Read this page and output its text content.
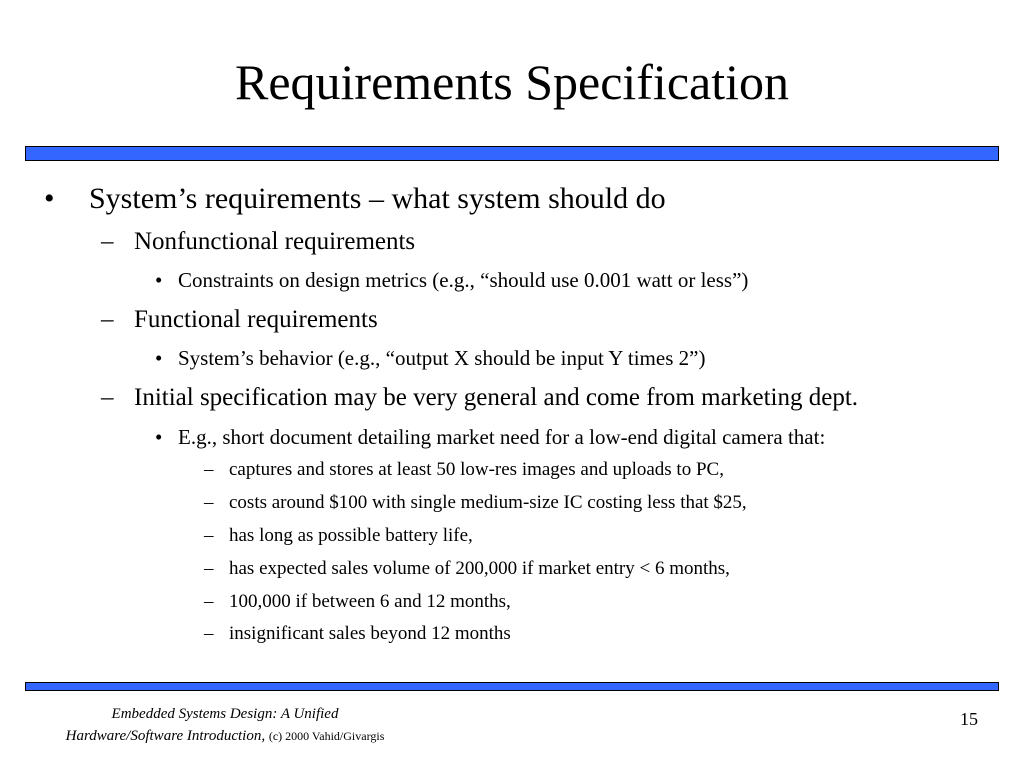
Requirements Specification
• System’s requirements – what system should do
– Nonfunctional requirements
• Constraints on design metrics (e.g., “should use 0.001 watt or less”)
– Functional requirements
• System’s behavior (e.g., “output X should be input Y times 2”)
– Initial specification may be very general and come from marketing dept.
• E.g., short document detailing market need for a low-end digital camera that:
– captures and stores at least 50 low-res images and uploads to PC,
– costs around $100 with single medium-size IC costing less that $25,
– has long as possible battery life,
– has expected sales volume of 200,000 if market entry < 6 months,
– 100,000 if between 6 and 12 months,
– insignificant sales beyond 12 months
Embedded Systems Design: A Unified
Hardware/Software Introduction, (c) 2000 Vahid/Givargis
15
